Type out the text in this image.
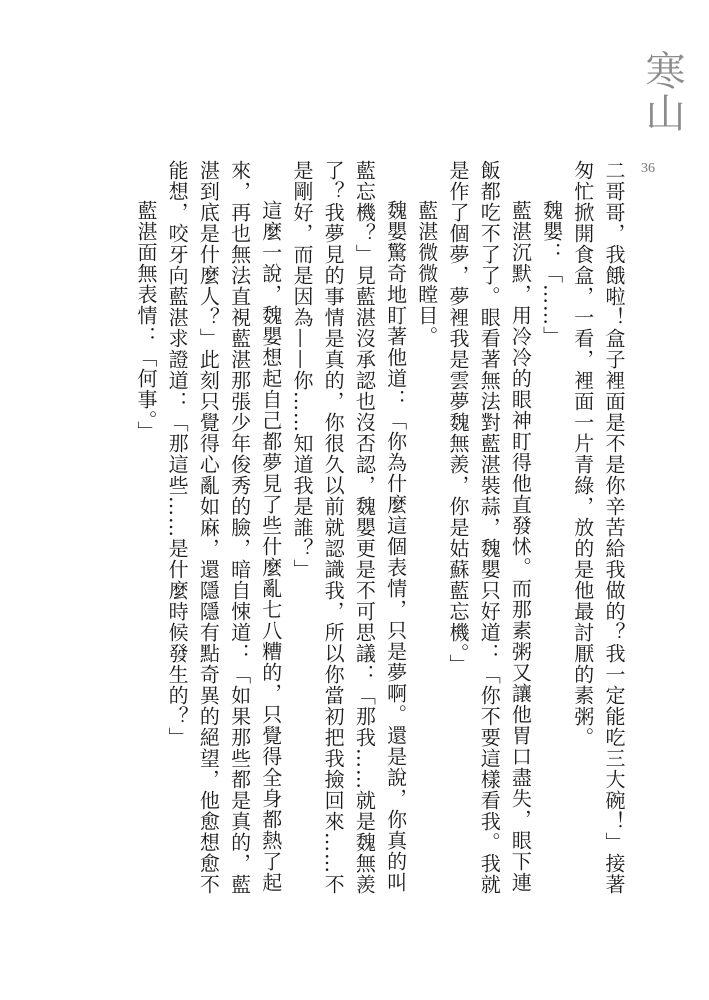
寒山
36

二哥哥，我餓啦！盒子裡面是不是你辛苦給我做的？我一定能吃三大碗！」接著匆忙掀開食盒，一看，裡面一片青綠，放的是他最討厭的素粥。

魏嬰：「……」

藍湛沉默，用冷冷的眼神盯得他直發怵。而那素粥又讓他胃口盡失，眼下連飯都吃不了了。眼看著無法對藍湛裝蒜，魏嬰只好道：「你不要這樣看我。我就是作了個夢，夢裡我是雲夢魏無羨，你是姑蘇藍忘機。」

藍湛微微瞠目。

魏嬰驚奇地盯著他道：「你為什麼這個表情，只是夢啊。還是說，你真的叫藍忘機？」見藍湛沒承認也沒否認，魏嬰更是不可思議：「那我……就是魏無羨了？我夢見的事情是真的，你很久以前就認識我，所以你當初把我撿回來……不是剛好，而是因為——你……知道我是誰？」

這麼一說，魏嬰想起自己都夢見了些什麼亂七八糟的，只覺得全身都熱了起來，再也無法直視藍湛那張少年俊秀的臉，暗自悚道：「如果那些都是真的，藍湛到底是什麼人？」此刻只覺得心亂如麻，還隱隱有點奇異的絕望，他愈想愈不能想，咬牙向藍湛求證道：「那這些……是什麼時候發生的？」

藍湛面無表情：「何事。」
